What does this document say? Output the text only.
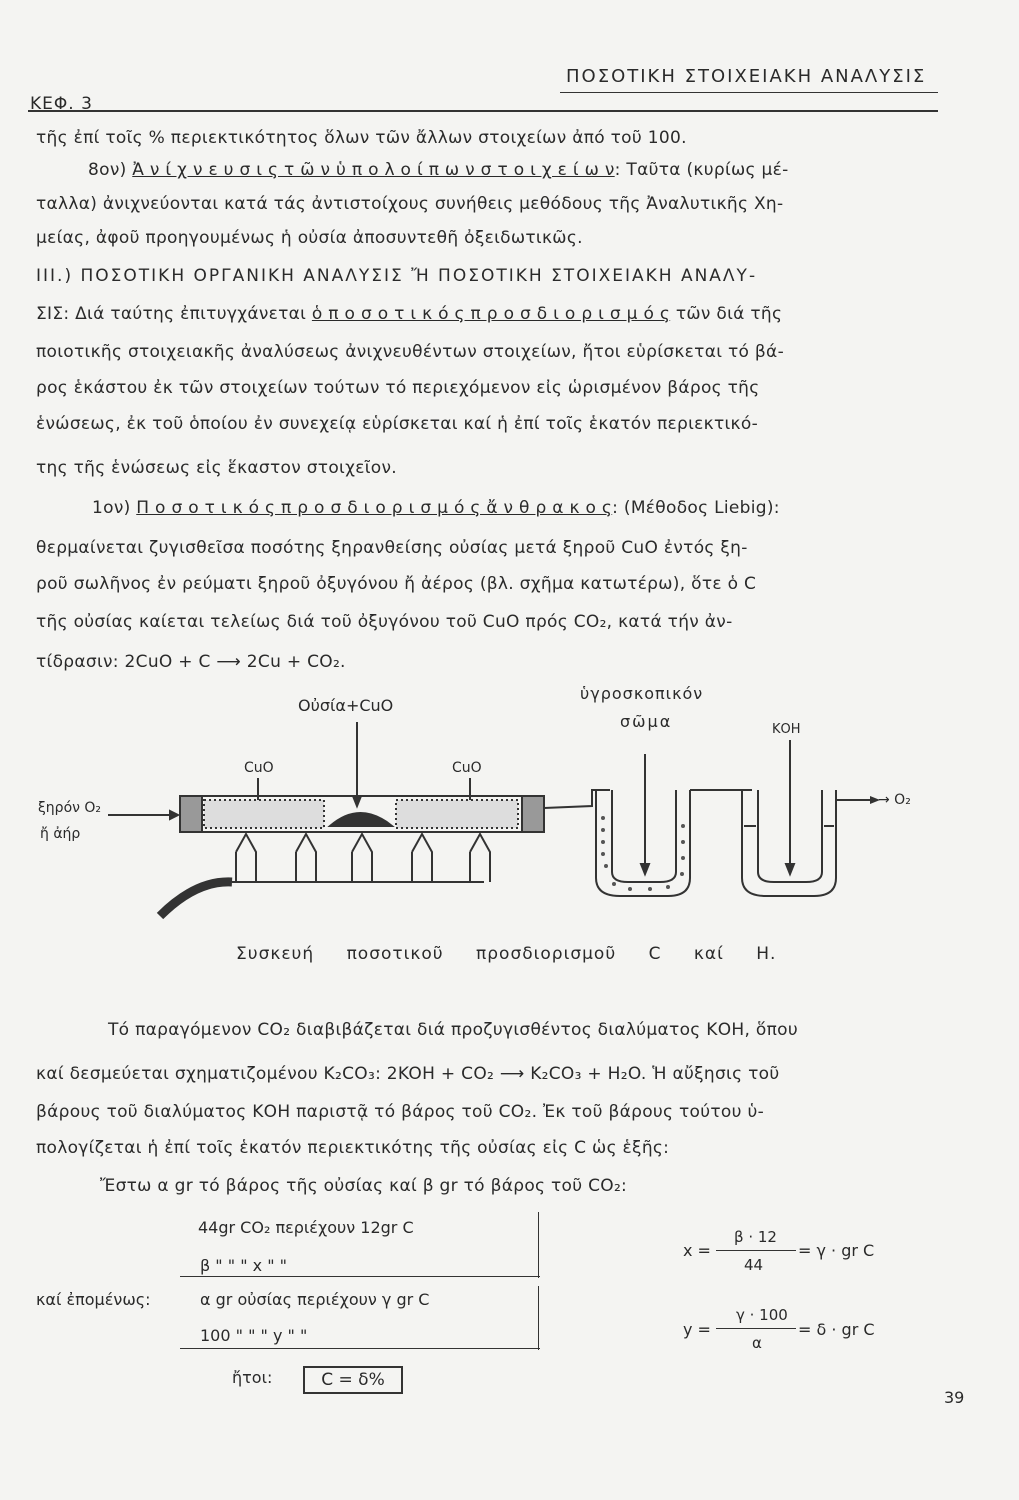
ΚΕΦ. 3
ΠΟΣΟΤΙΚΗ ΣΤΟΙΧΕΙΑΚΗ ΑΝΑΛΥΣΙΣ
τῆς ἐπί τοῖς % περιεκτικότητος ὅλων τῶν ἄλλων στοιχείων ἀπό τοῦ 100.
8ον) Ἀ ν ί χ ν ε υ σ ι ς τ ῶ ν ὑ π ο λ ο ί π ω ν σ τ ο ι χ ε ί ω ν: Ταῦτα (κυρίως μέ-
ταλλα) ἀνιχνεύονται κατά τάς ἀντιστοίχους συνήθεις μεθόδους τῆς Ἀναλυτικῆς Χη-
μείας, ἀφοῦ προηγουμένως ἡ οὐσία ἀποσυντεθῆ ὀξειδωτικῶς.
III.) ΠΟΣΟΤΙΚΗ ΟΡΓΑΝΙΚΗ ΑΝΑΛΥΣΙΣ Ἤ ΠΟΣΟΤΙΚΗ ΣΤΟΙΧΕΙΑΚΗ ΑΝΑΛΥ-
ΣΙΣ: Διά ταύτης ἐπιτυγχάνεται ὁ π ο σ ο τ ι κ ό ς π ρ ο σ δ ι ο ρ ι σ μ ό ς τῶν διά τῆς
ποιοτικῆς στοιχειακῆς ἀναλύσεως ἀνιχνευθέντων στοιχείων, ἤτοι εὑρίσκεται τό βά-
ρος ἑκάστου ἐκ τῶν στοιχείων τούτων τό περιεχόμενον εἰς ὡρισμένον βάρος τῆς
ἑνώσεως, ἐκ τοῦ ὁποίου ἐν συνεχείᾳ εὑρίσκεται καί ἡ ἐπί τοῖς ἑκατόν περιεκτικό-
της τῆς ἑνώσεως εἰς ἕκαστον στοιχεῖον.
1ον) Π ο σ ο τ ι κ ό ς π ρ ο σ δ ι ο ρ ι σ μ ό ς ἄ ν θ ρ α κ ο ς: (Μέθοδος Liebig):
θερμαίνεται ζυγισθεῖσα ποσότης ξηρανθείσης οὐσίας μετά ξηροῦ CuO ἐντός ξη-
ροῦ σωλῆνος ἐν ρεύματι ξηροῦ ὀξυγόνου ἤ ἀέρος (βλ. σχῆμα κατωτέρω), ὅτε ὁ C
τῆς οὐσίας καίεται τελείως διά τοῦ ὀξυγόνου τοῦ CuO πρός CO₂, κατά τήν ἀν-
τίδρασιν: 2CuO + C ⟶ 2Cu + CO₂.
Οὐσία+CuO
ὑγροσκοπικόν
σῶμα	ΚΟΗ
CuO	CuO
ξηρόν O₂
ἤ ἀήρ
→ O₂
Συσκευή ποσοτικοῦ προσδιορισμοῦ C καί Η.
Τό παραγόμενον CO₂ διαβιβάζεται διά προζυγισθέντος διαλύματος ΚΟΗ, ὅπου
καί δεσμεύεται σχηματιζομένου K₂CO₃: 2KOH + CO₂ ⟶ K₂CO₃ + H₂O. Ἡ αὔξησις τοῦ
βάρους τοῦ διαλύματος ΚΟΗ παριστᾷ τό βάρος τοῦ CO₂. Ἐκ τοῦ βάρους τούτου ὑ-
πολογίζεται ἡ ἐπί τοῖς ἑκατόν περιεκτικότης τῆς οὐσίας εἰς C ὡς ἑξῆς:
Ἔστω α gr τό βάρος τῆς οὐσίας καί β gr τό βάρος τοῦ CO₂:
44gr CO₂ περιέχουν 12gr C
β " " " x " "
καί ἐπομένως:	α gr οὐσίας περιέχουν γ gr C
100 " " " y " "
ἤτοι:	C = δ%
x =
β · 12
44
= γ · gr C
y =
γ · 100
α
= δ · gr C
39
